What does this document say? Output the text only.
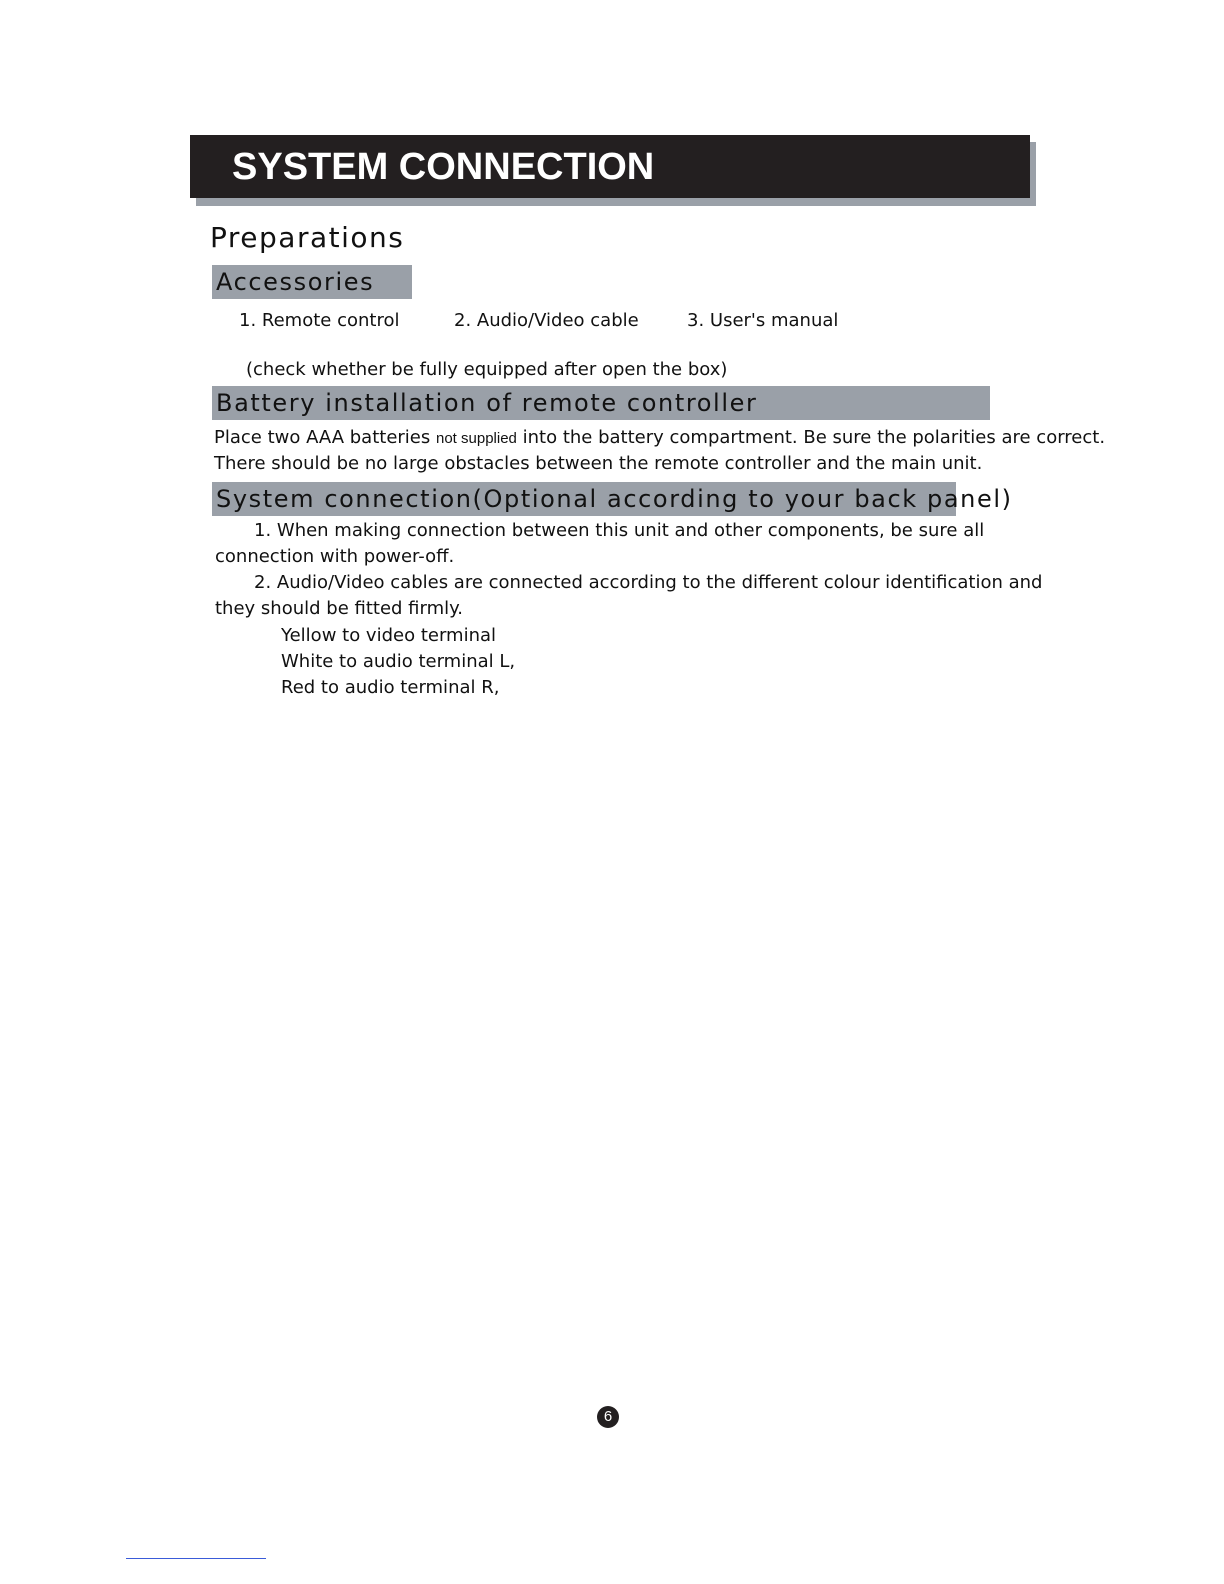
SYSTEM CONNECTION
Preparations
Accessories
1. Remote control	2. Audio/Video cable	3. User's manual
(check whether be fully equipped after open the box)
Battery installation of remote controller
Place two AAA batteries not supplied into the battery compartment. Be sure the polarities are correct.
There should be no large obstacles between the remote controller and the main unit.
System connection(Optional according to your back panel)
1. When making connection between this unit and other components, be sure all
connection with power-off.
2. Audio/Video cables are connected according to the different colour identification and
they should be fitted firmly.
Yellow to video terminal
White to audio terminal L,
Red to audio terminal R,
6
